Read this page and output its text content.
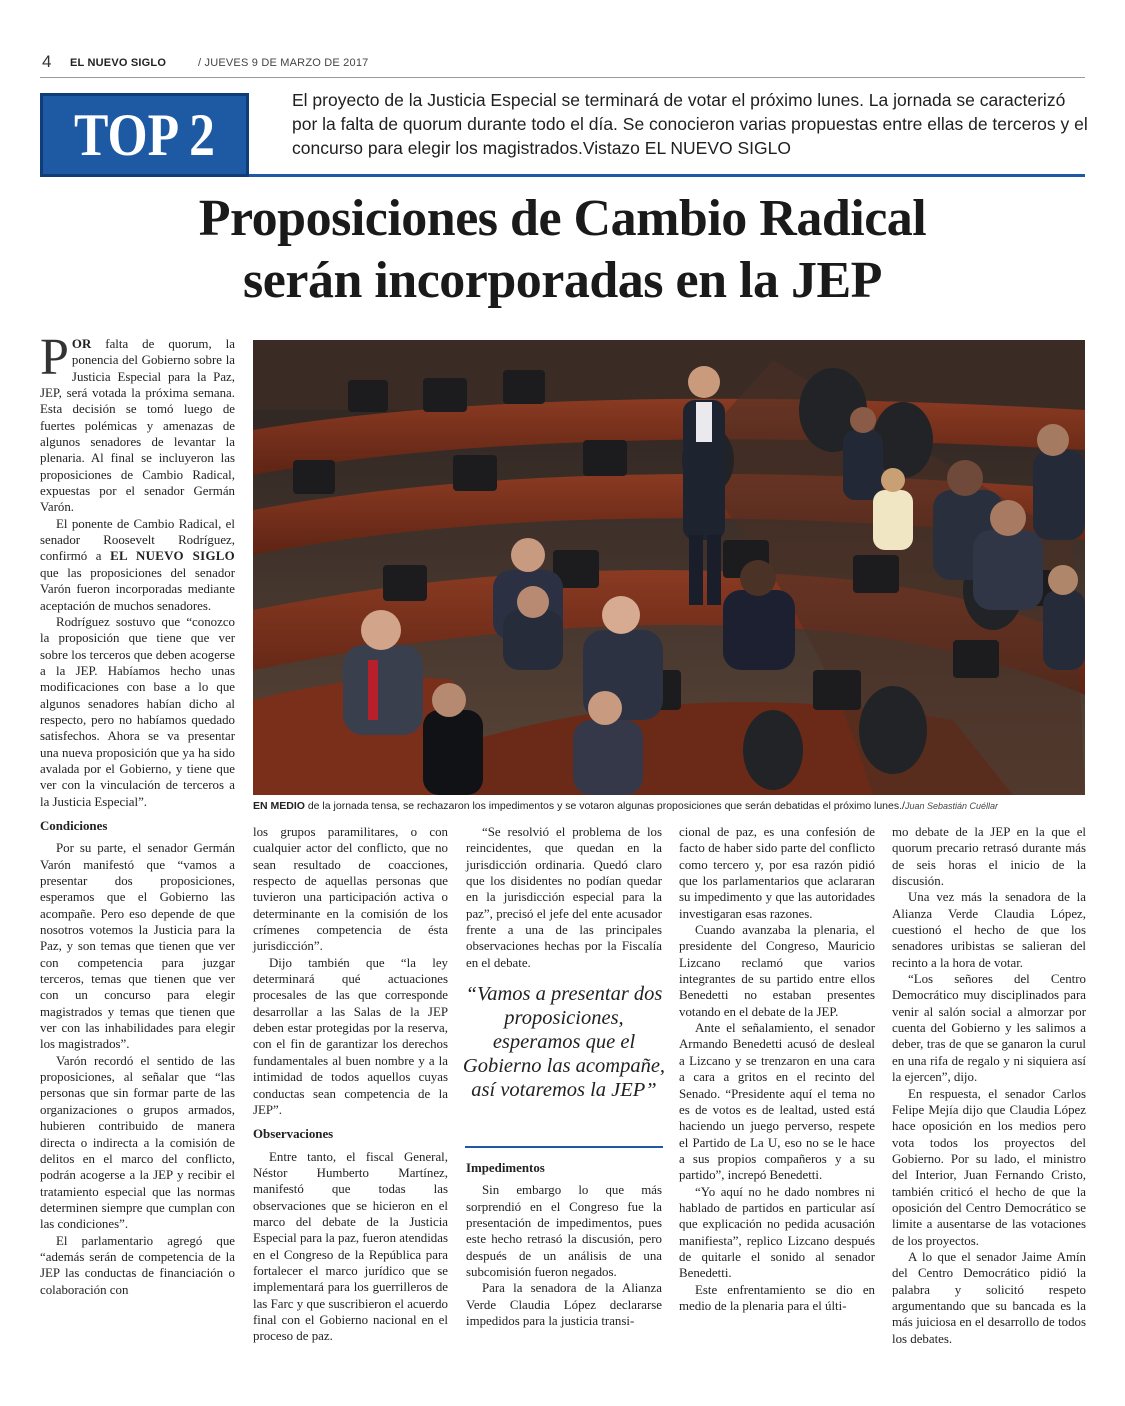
4 EL NUEVO SIGLO	/ JUEVES 9 DE MARZO DE 2017
TOP 2
El proyecto de la Justicia Especial se terminará de votar el próximo lunes. La jornada se caracterizó por la falta de quorum durante todo el día. Se conocieron varias propuestas entre ellas de terceros y el concurso para elegir los magistrados.Vistazo EL NUEVO SIGLO
Proposiciones de Cambio Radical
serán incorporadas en la JEP

POR falta de quorum, la ponencia del Gobierno sobre la Justicia Especial para la Paz, JEP, será votada la próxima semana. Esta decisión se tomó luego de fuertes polémicas y amenazas de algunos senadores de levantar la plenaria. Al final se incluyeron las proposiciones de Cambio Radical, expuestas por el senador Germán Varón.

El ponente de Cambio Radical, el senador Roosevelt Rodríguez, confirmó a EL NUEVO SIGLO que las proposiciones del senador Varón fueron incorporadas mediante aceptación de muchos senadores.

Rodríguez sostuvo que “conozco la proposición que tiene que ver sobre los terceros que deben acogerse a la JEP. Habíamos hecho unas modificaciones con base a lo que algunos senadores habían dicho al respecto, pero no habíamos quedado satisfechos. Ahora se va presentar una nueva proposición que ya ha sido avalada por el Gobierno, y tiene que ver con la vinculación de terceros a la Justicia Especial”.

Condiciones

Por su parte, el senador Germán Varón manifestó que “vamos a presentar dos proposiciones, esperamos que el Gobierno las acompañe. Pero eso depende de que nosotros votemos la Justicia para la Paz, y son temas que tienen que ver con competencia para juzgar terceros, temas que tienen que ver con un concurso para elegir magistrados y temas que tienen que ver con las inhabilidades para elegir los magistrados”.

Varón recordó el sentido de las proposiciones, al señalar que “las personas que sin formar parte de las organizaciones o grupos armados, hubieren contribuido de manera directa o indirecta a la comisión de delitos en el marco del conflicto, podrán acogerse a la JEP y recibir el tratamiento especial que las normas determinen siempre que cumplan con las condiciones”.

El parlamentario agregó que “además serán de competencia de la JEP las conductas de financiación o colaboración con

EN MEDIO de la jornada tensa, se rechazaron los impedimentos y se votaron algunas proposiciones que serán debatidas el próximo lunes./Juan Sebastián Cuéllar

los grupos paramilitares, o con cualquier actor del conflicto, que no sean resultado de coacciones, respecto de aquellas personas que tuvieron una participación activa o determinante en la comisión de los crímenes competencia de ésta jurisdicción”.

Dijo también que “la ley determinará qué actuaciones procesales de las que corresponde desarrollar a las Salas de la JEP deben estar protegidas por la reserva, con el fin de garantizar los derechos fundamentales al buen nombre y a la intimidad de todos aquellos cuyas conductas sean competencia de la JEP”.

Observaciones

Entre tanto, el fiscal General, Néstor Humberto Martínez, manifestó que todas las observaciones que se hicieron en el marco del debate de la Justicia Especial para la paz, fueron atendidas en el Congreso de la República para fortalecer el marco jurídico que se implementará para los guerrilleros de las Farc y que suscribieron el acuerdo final con el Gobierno nacional en el proceso de paz.

“Se resolvió el problema de los reincidentes, que quedan en la jurisdicción ordinaria. Quedó claro que los disidentes no podían quedar en la jurisdicción especial para la paz”, precisó el jefe del ente acusador frente a una de las principales observaciones hechas por la Fiscalía en el debate.

“Vamos a presentar dos proposiciones, esperamos que el Gobierno las acompañe, así votaremos la JEP”
Impedimentos

Sin embargo lo que más sorprendió en el Congreso fue la presentación de impedimentos, pues este hecho retrasó la discusión, pero después de un análisis de una subcomisión fueron negados.

Para la senadora de la Alianza Verde Claudia López declararse impedidos para la justicia transi-

cional de paz, es una confesión de facto de haber sido parte del conflicto como tercero y, por esa razón pidió que los parlamentarios que aclararan su impedimento y que las autoridades investigaran esas razones.

Cuando avanzaba la plenaria, el presidente del Congreso, Mauricio Lizcano reclamó que varios integrantes de su partido entre ellos Benedetti no estaban presentes votando en el debate de la JEP.

Ante el señalamiento, el senador Armando Benedetti acusó de desleal a Lizcano y se trenzaron en una cara a cara a gritos en el recinto del Senado. “Presidente aquí el tema no es de votos es de lealtad, usted está haciendo un juego perverso, respete el Partido de La U, eso no se le hace a sus propios compañeros y a su partido”, increpó Benedetti.

“Yo aquí no he dado nombres ni hablado de partidos en particular así que explicación no pedida acusación manifiesta”, replico Lizcano después de quitarle el sonido al senador Benedetti.

Este enfrentamiento se dio en medio de la plenaria para el últi-

mo debate de la JEP en la que el quorum precario retrasó durante más de seis horas el inicio de la discusión.

Una vez más la senadora de la Alianza Verde Claudia López, cuestionó el hecho de que los senadores uribistas se salieran del recinto a la hora de votar.

“Los señores del Centro Democrático muy disciplinados para venir al salón social a almorzar por cuenta del Gobierno y les salimos a deber, tras de que se ganaron la curul en una rifa de regalo y ni siquiera así la ejercen”, dijo.

En respuesta, el senador Carlos Felipe Mejía dijo que Claudia López hace oposición en los medios pero vota todos los proyectos del Gobierno. Por su lado, el ministro del Interior, Juan Fernando Cristo, también criticó el hecho de que la oposición del Centro Democrático se limite a ausentarse de las votaciones de los proyectos.

A lo que el senador Jaime Amín del Centro Democrático pidió la palabra y solicitó respeto argumentando que su bancada es la más juiciosa en el desarrollo de todos los debates.
